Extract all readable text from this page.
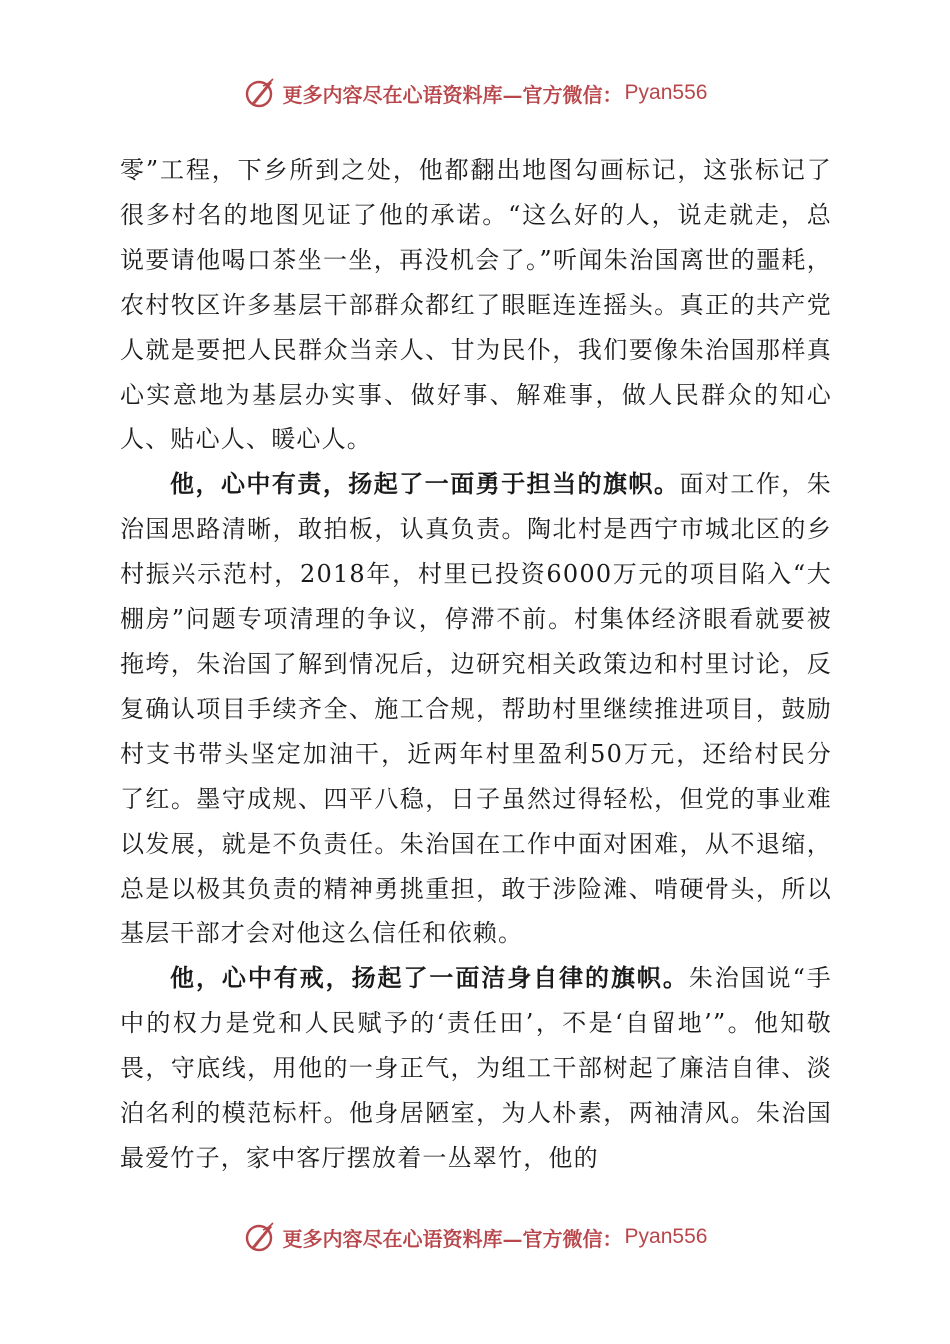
更多内容尽在心语资料库—官方微信： Pyan556

零”工程，下乡所到之处，他都翻出地图勾画标记，这张标记了很多村名的地图见证了他的承诺。“这么好的人，说走就走，总说要请他喝口茶坐一坐，再没机会了。”听闻朱治国离世的噩耗，农村牧区许多基层干部群众都红了眼眶连连摇头。真正的共产党人就是要把人民群众当亲人、甘为民仆，我们要像朱治国那样真心实意地为基层办实事、做好事、解难事，做人民群众的知心人、贴心人、暖心人。

他，心中有责，扬起了一面勇于担当的旗帜。面对工作，朱治国思路清晰，敢拍板，认真负责。陶北村是西宁市城北区的乡村振兴示范村，2018年，村里已投资6000万元的项目陷入“大棚房”问题专项清理的争议，停滞不前。村集体经济眼看就要被拖垮，朱治国了解到情况后，边研究相关政策边和村里讨论，反复确认项目手续齐全、施工合规，帮助村里继续推进项目，鼓励村支书带头坚定加油干，近两年村里盈利50万元，还给村民分了红。墨守成规、四平八稳，日子虽然过得轻松，但党的事业难以发展，就是不负责任。朱治国在工作中面对困难，从不退缩，总是以极其负责的精神勇挑重担，敢于涉险滩、啃硬骨头，所以基层干部才会对他这么信任和依赖。

他，心中有戒，扬起了一面洁身自律的旗帜。朱治国说“手中的权力是党和人民赋予的‘责任田’，不是‘自留地’”。他知敬畏，守底线，用他的一身正气，为组工干部树起了廉洁自律、淡泊名利的模范标杆。他身居陋室，为人朴素，两袖清风。朱治国最爱竹子，家中客厅摆放着一丛翠竹，他的

更多内容尽在心语资料库—官方微信： Pyan556
